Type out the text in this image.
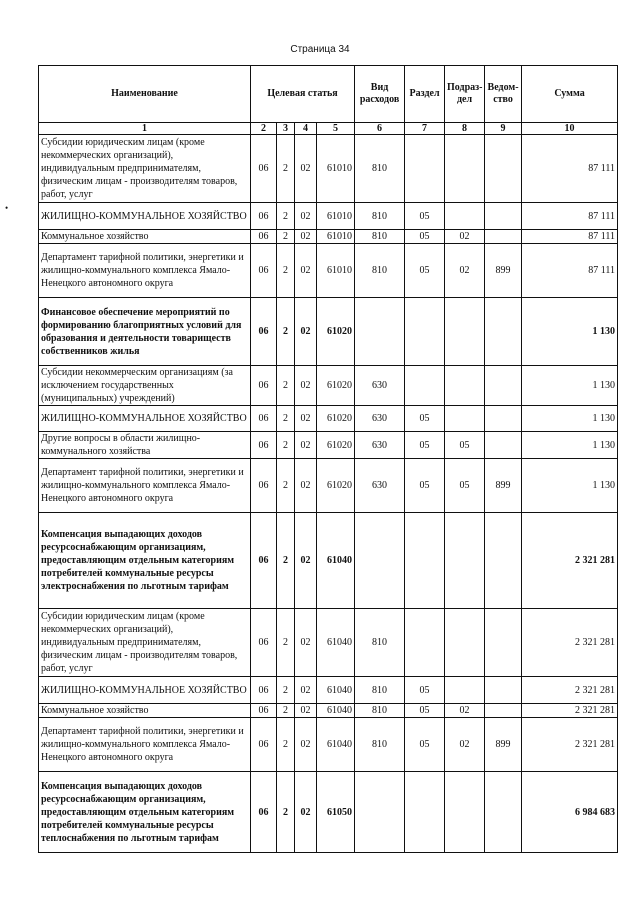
Страница 34
•
Наименование	Целевая статья				Вид расходов	Раздел	Подраз-дел	Ведом-ство	Сумма
1	2	3	4	5	6	7	8	9	10
Субсидии юридическим лицам (кроме некоммерческих организаций), индивидуальным предпринимателям, физическим лицам - производителям товаров, работ, услуг	06	2	02	61010	810				87 111
ЖИЛИЩНО-КОММУНАЛЬНОЕ ХОЗЯЙСТВО	06	2	02	61010	810	05			87 111
Коммунальное хозяйство	06	2	02	61010	810	05	02		87 111
Департамент тарифной политики, энергетики и жилищно-коммунального комплекса Ямало-Ненецкого автономного округа	06	2	02	61010	810	05	02	899	87 111
Финансовое обеспечение мероприятий по формированию благоприятных условий для образования и деятельности товариществ собственников жилья	06	2	02	61020					1 130
Субсидии некоммерческим организациям (за исключением государственных (муниципальных) учреждений)	06	2	02	61020	630				1 130
ЖИЛИЩНО-КОММУНАЛЬНОЕ ХОЗЯЙСТВО	06	2	02	61020	630	05			1 130
Другие вопросы в области жилищно-коммунального хозяйства	06	2	02	61020	630	05	05		1 130
Департамент тарифной политики, энергетики и жилищно-коммунального комплекса Ямало-Ненецкого автономного округа	06	2	02	61020	630	05	05	899	1 130
Компенсация выпадающих доходов ресурсоснабжающим организациям, предоставляющим отдельным категориям потребителей коммунальные ресурсы электроснабжения по льготным тарифам	06	2	02	61040					2 321 281
Субсидии юридическим лицам (кроме некоммерческих организаций), индивидуальным предпринимателям, физическим лицам - производителям товаров, работ, услуг	06	2	02	61040	810				2 321 281
ЖИЛИЩНО-КОММУНАЛЬНОЕ ХОЗЯЙСТВО	06	2	02	61040	810	05			2 321 281
Коммунальное хозяйство	06	2	02	61040	810	05	02		2 321 281
Департамент тарифной политики, энергетики и жилищно-коммунального комплекса Ямало-Ненецкого автономного округа	06	2	02	61040	810	05	02	899	2 321 281
Компенсация выпадающих доходов ресурсоснабжающим организациям, предоставляющим отдельным категориям потребителей коммунальные ресурсы теплоснабжения по льготным тарифам	06	2	02	61050					6 984 683
